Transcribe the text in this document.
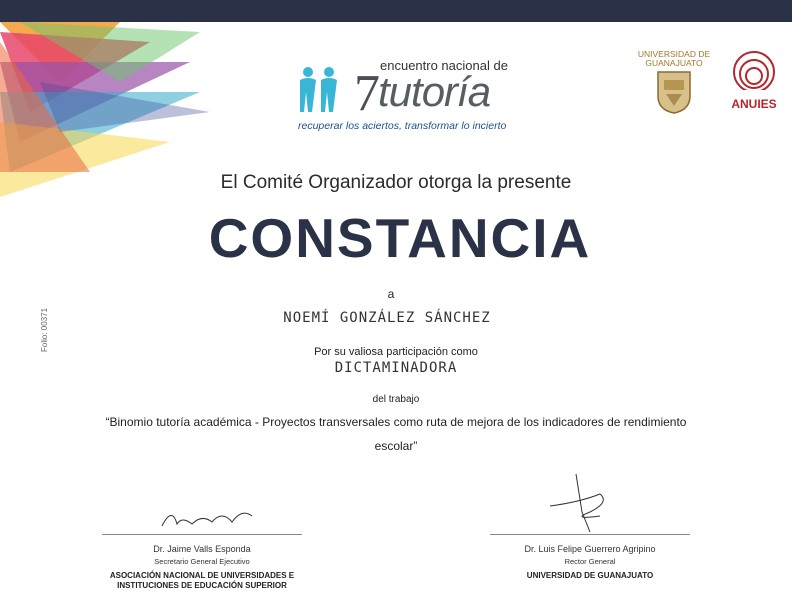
7 encuentro nacional de
tutoría
recuperar los aciertos, transformar lo incierto
UNIVERSIDAD DE
GUANAJUATO
ANUIES
El Comité Organizador otorga la presente
CONSTANCIA
a
NOEMÍ GONZÁLEZ SÁNCHEZ
Por su valiosa participación como
DICTAMINADORA
del trabajo
“Binomio tutoría académica - Proyectos transversales como ruta de mejora de los indicadores de rendimiento escolar”
Folio: 00371
Dr. Jaime Valls Esponda
Secretario General Ejecutivo
ASOCIACIÓN NACIONAL DE UNIVERSIDADES E
INSTITUCIONES DE EDUCACIÓN SUPERIOR
Dr. Luis Felipe Guerrero Agripino
Rector General
UNIVERSIDAD DE GUANAJUATO
